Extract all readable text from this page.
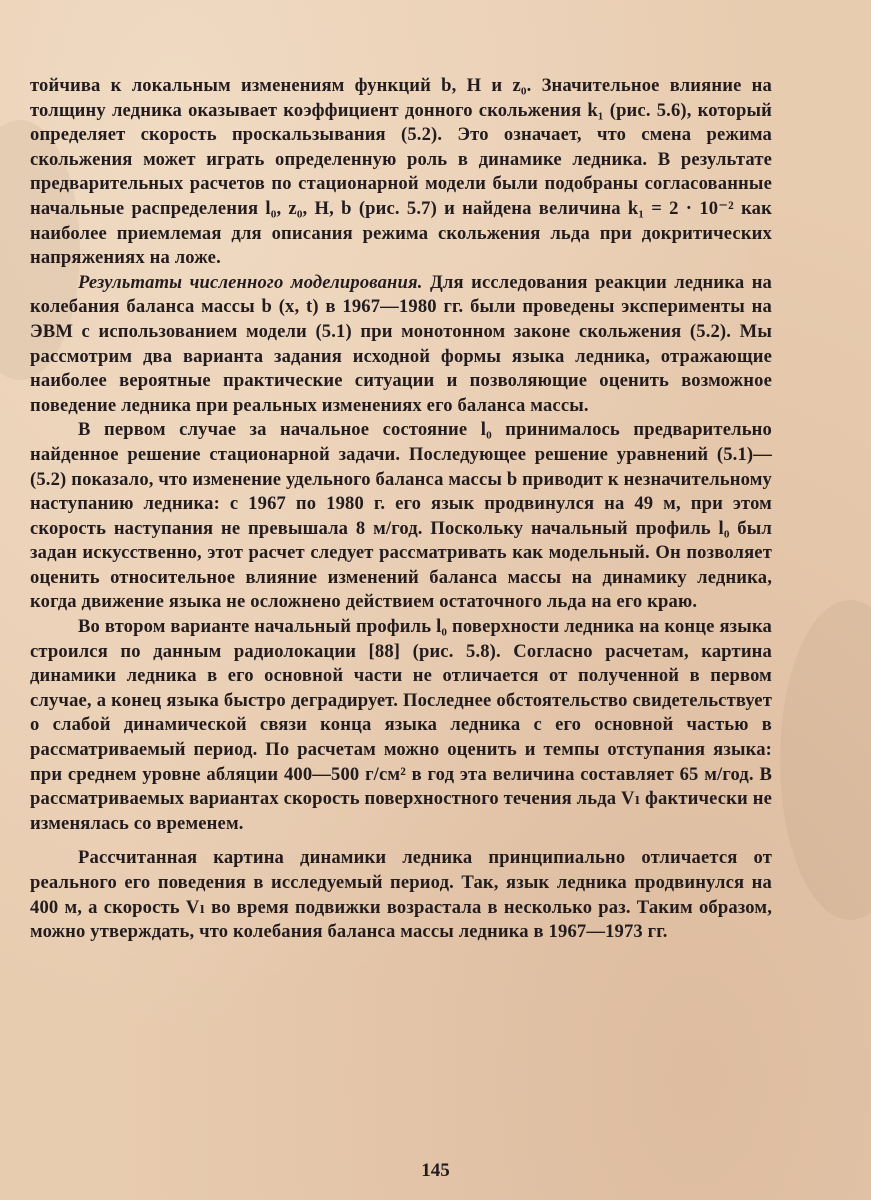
тойчива к локальным изменениям функций b, H и z₀. Значительное влияние на толщину ледника оказывает коэффициент донного скольжения k₁ (рис. 5.6), который определяет скорость проскальзывания (5.2). Это означает, что смена режима скольжения может играть определенную роль в динамике ледника. В результате предварительных расчетов по стационарной модели были подобраны согласованные начальные распределения l₀, z₀, H, b (рис. 5.7) и найдена величина k₁ = 2 · 10⁻² как наиболее приемлемая для описания режима скольжения льда при докритических напряжениях на ложе.

Результаты численного моделирования. Для исследования реакции ледника на колебания баланса массы b (x, t) в 1967—1980 гг. были проведены эксперименты на ЭВМ с использованием модели (5.1) при монотонном законе скольжения (5.2). Мы рассмотрим два варианта задания исходной формы языка ледника, отражающие наиболее вероятные практические ситуации и позволяющие оценить возможное поведение ледника при реальных изменениях его баланса массы.

В первом случае за начальное состояние l₀ принималось предварительно найденное решение стационарной задачи. Последующее решение уравнений (5.1)—(5.2) показало, что изменение удельного баланса массы b приводит к незначительному наступанию ледника: с 1967 по 1980 г. его язык продвинулся на 49 м, при этом скорость наступания не превышала 8 м/год. Поскольку начальный профиль l₀ был задан искусственно, этот расчет следует рассматривать как модельный. Он позволяет оценить относительное влияние изменений баланса массы на динамику ледника, когда движение языка не осложнено действием остаточного льда на его краю.

Во втором варианте начальный профиль l₀ поверхности ледника на конце языка строился по данным радиолокации [88] (рис. 5.8). Согласно расчетам, картина динамики ледника в его основной части не отличается от полученной в первом случае, а конец языка быстро деградирует. Последнее обстоятельство свидетельствует о слабой динамической связи конца языка ледника с его основной частью в рассматриваемый период. По расчетам можно оценить и темпы отступания языка: при среднем уровне абляции 400—500 г/см² в год эта величина составляет 65 м/год. В рассматриваемых вариантах скорость поверхностного течения льда Vₗ фактически не изменялась со временем.

Рассчитанная картина динамики ледника принципиально отличается от реального его поведения в исследуемый период. Так, язык ледника продвинулся на 400 м, а скорость Vₗ во время подвижки возрастала в несколько раз. Таким образом, можно утверждать, что колебания баланса массы ледника в 1967—1973 гг.

145
